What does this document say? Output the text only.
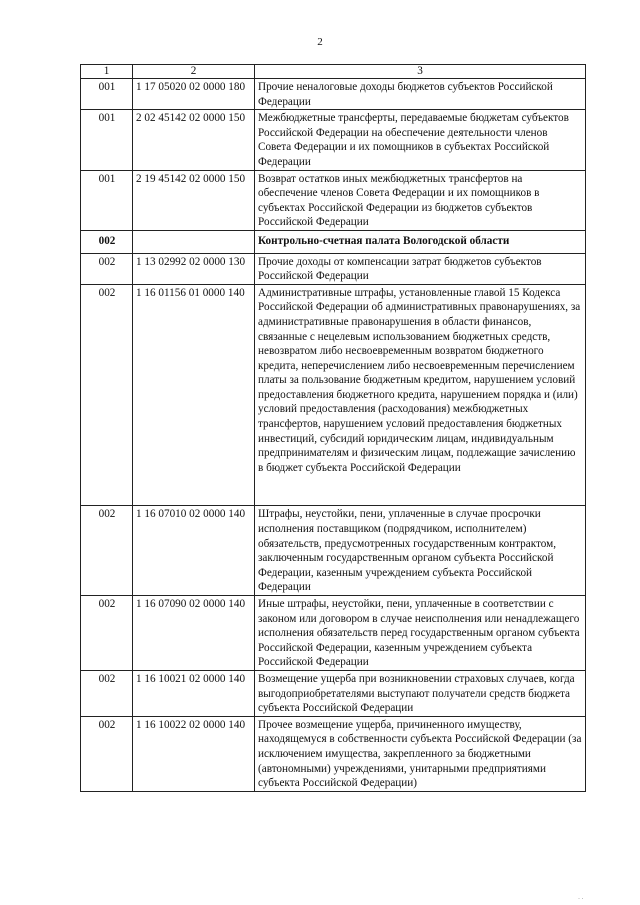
2
1	2	3
001	1 17 05020 02 0000 180	Прочие неналоговые доходы бюджетов субъектов Российской Федерации
001	2 02 45142 02 0000 150	Межбюджетные трансферты, передаваемые бюджетам субъектов Российской Федерации на обеспечение деятельности членов Совета Федерации и их помощников в субъектах Российской Федерации
001	2 19 45142 02 0000 150	Возврат остатков иных межбюджетных трансфертов на обеспечение членов Совета Федерации и их помощников в субъектах Российской Федерации из бюджетов субъектов Российской Федерации
002		Контрольно-счетная палата Вологодской области
002	1 13 02992 02 0000 130	Прочие доходы от компенсации затрат бюджетов субъектов Российской Федерации
002	1 16 01156 01 0000 140	Административные штрафы, установленные главой 15 Кодекса Российской Федерации об административных правонарушениях, за административные правонарушения в области финансов, связанные с нецелевым использованием бюджетных средств, невозвратом либо несвоевременным возвратом бюджетного кредита, неперечислением либо несвоевременным перечислением платы за пользование бюджетным кредитом, нарушением условий предоставления бюджетного кредита, нарушением порядка и (или) условий предоставления (расходования) межбюджетных трансфертов, нарушением условий предоставления бюджетных инвестиций, субсидий юридическим лицам, индивидуальным предпринимателям и физическим лицам, подлежащие зачислению в бюджет субъекта Российской Федерации
002	1 16 07010 02 0000 140	Штрафы, неустойки, пени, уплаченные в случае просрочки исполнения поставщиком (подрядчиком, исполнителем) обязательств, предусмотренных государственным контрактом, заключенным государственным органом субъекта Российской Федерации, казенным учреждением субъекта Российской Федерации
002	1 16 07090 02 0000 140	Иные штрафы, неустойки, пени, уплаченные в соответствии с законом или договором в случае неисполнения или ненадлежащего исполнения обязательств перед государственным органом субъекта Российской Федерации, казенным учреждением субъекта Российской Федерации
002	1 16 10021 02 0000 140	Возмещение ущерба при возникновении страховых случаев, когда выгодоприобретателями выступают получатели средств бюджета субъекта Российской Федерации
002	1 16 10022 02 0000 140	Прочее возмещение ущерба, причиненного имуществу, находящемуся в собственности субъекта Российской Федерации (за исключением имущества, закрепленного за бюджетными (автономными) учреждениями, унитарными предприятиями субъекта Российской Федерации)
· ·
